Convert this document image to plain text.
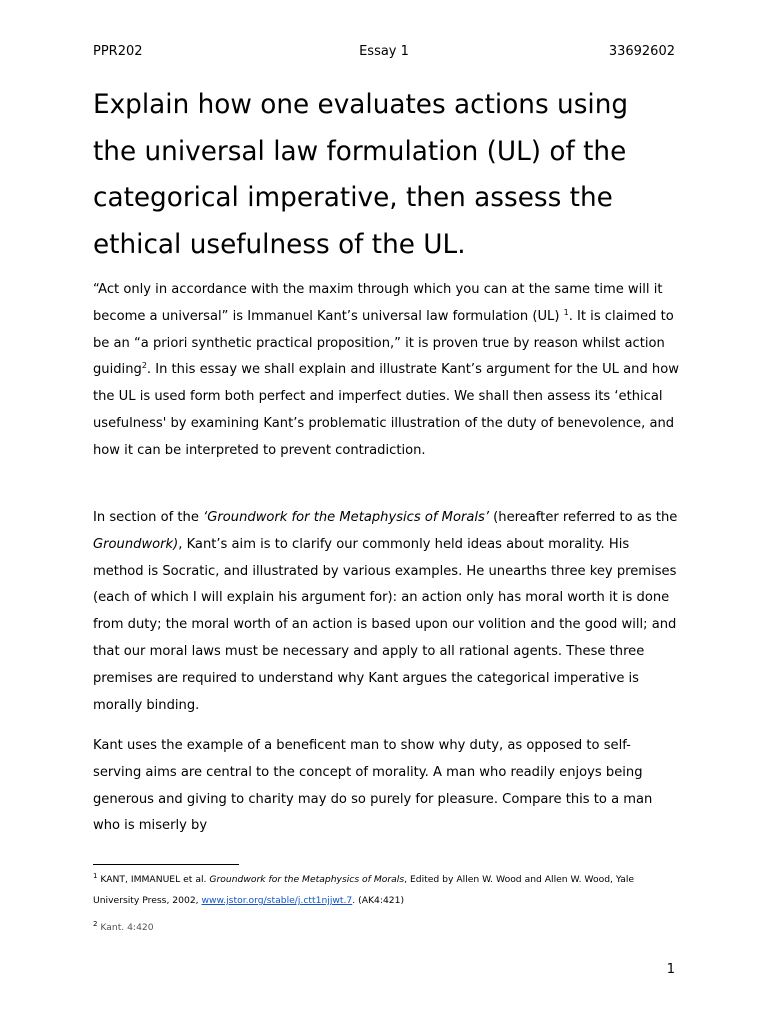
PPR202	Essay 1	33692602
Explain how one evaluates actions using the universal law formulation (UL) of the categorical imperative, then assess the ethical usefulness of the UL.

“Act only in accordance with the maxim through which you can at the same time will it become a universal” is Immanuel Kant’s universal law formulation (UL) $^1$. It is claimed to be an “a priori synthetic practical proposition,” it is proven true by reason whilst action guiding$^2$. In this essay we shall explain and illustrate Kant’s argument for the UL and how the UL is used form both perfect and imperfect duties. We shall then assess its ‘ethical usefulness' by examining Kant’s problematic illustration of the duty of benevolence, and how it can be interpreted to prevent contradiction.

In section of the ‘Groundwork for the Metaphysics of Morals’ (hereafter referred to as the Groundwork), Kant’s aim is to clarify our commonly held ideas about morality. His method is Socratic, and illustrated by various examples. He unearths three key premises (each of which I will explain his argument for): an action only has moral worth it is done from duty; the moral worth of an action is based upon our volition and the good will; and that our moral laws must be necessary and apply to all rational agents. These three premises are required to understand why Kant argues the categorical imperative is morally binding.

Kant uses the example of a beneficent man to show why duty, as opposed to self-serving aims are central to the concept of morality. A man who readily enjoys being generous and giving to charity may do so purely for pleasure. Compare this to a man who is miserly by

$^1$ KANT, IMMANUEL et al. Groundwork for the Metaphysics of Morals, Edited by Allen W. Wood and Allen W. Wood, Yale University Press, 2002, www.jstor.org/stable/j.ctt1njjwt.7. (AK4:421)
$^2$ Kant. 4:420
1
